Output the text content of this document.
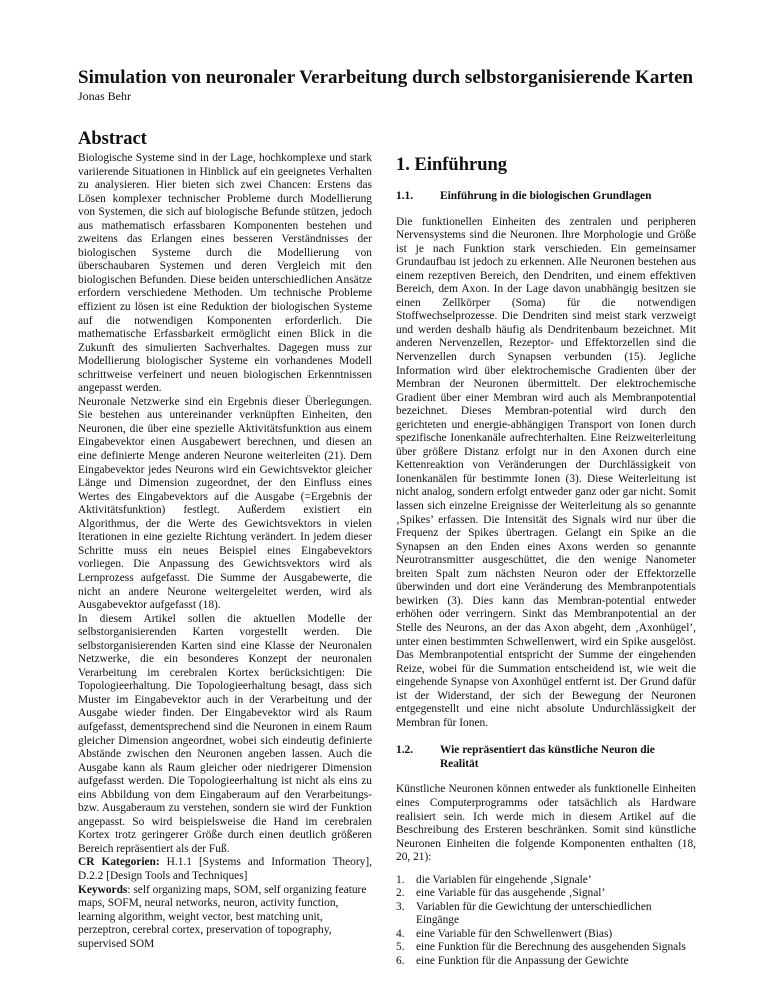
Simulation von neuronaler Verarbeitung durch selbstorganisierende Karten
Jonas Behr
Abstract

Biologische Systeme sind in der Lage, hochkomplexe und stark variierende Situationen in Hinblick auf ein geeignetes Verhalten zu analysieren. Hier bieten sich zwei Chancen: Erstens das Lösen komplexer technischer Probleme durch Modellierung von Systemen, die sich auf biologische Befunde stützen, jedoch aus mathematisch erfassbaren Komponenten bestehen und zweitens das Erlangen eines besseren Verständnisses der biologischen Systeme durch die Modellierung von überschaubaren Systemen und deren Vergleich mit den biologischen Befunden. Diese beiden unterschiedlichen Ansätze erfordern verschiedene Methoden. Um technische Probleme effizient zu lösen ist eine Reduktion der biologischen Systeme auf die notwendigen Komponenten erforderlich. Die mathematische Erfassbarkeit ermöglicht einen Blick in die Zukunft des simulierten Sachverhaltes. Dagegen muss zur Modellierung biologischer Systeme ein vorhandenes Modell schrittweise verfeinert und neuen biologischen Erkenntnissen angepasst werden.

Neuronale Netzwerke sind ein Ergebnis dieser Überlegungen. Sie bestehen aus untereinander verknüpften Einheiten, den Neuronen, die über eine spezielle Aktivitätsfunktion aus einem Eingabevektor einen Ausgabewert berechnen, und diesen an eine definierte Menge anderen Neurone weiterleiten (21). Dem Eingabevektor jedes Neurons wird ein Gewichtsvektor gleicher Länge und Dimension zugeordnet, der den Einfluss eines Wertes des Eingabevektors auf die Ausgabe (=Ergebnis der Aktivitätsfunktion) festlegt. Außerdem existiert ein Algorithmus, der die Werte des Gewichtsvektors in vielen Iterationen in eine gezielte Richtung verändert. In jedem dieser Schritte muss ein neues Beispiel eines Eingabevektors vorliegen. Die Anpassung des Gewichtsvektors wird als Lernprozess aufgefasst. Die Summe der Ausgabewerte, die nicht an andere Neurone weitergeleitet werden, wird als Ausgabevektor aufgefasst (18).

In diesem Artikel sollen die aktuellen Modelle der selbstorganisierenden Karten vorgestellt werden. Die selbstorganisierenden Karten sind eine Klasse der Neuronalen Netzwerke, die ein besonderes Konzept der neuronalen Verarbeitung im cerebralen Kortex berücksichtigen: Die Topologieerhaltung. Die Topologieerhaltung besagt, dass sich Muster im Eingabevektor auch in der Verarbeitung und der Ausgabe wieder finden. Der Eingabevektor wird als Raum aufgefasst, dementsprechend sind die Neuronen in einem Raum gleicher Dimension angeordnet, wobei sich eindeutig definierte Abstände zwischen den Neuronen angeben lassen. Auch die Ausgabe kann als Raum gleicher oder niedrigerer Dimension aufgefasst werden. Die Topologieerhaltung ist nicht als eins zu eins Abbildung von dem Eingaberaum auf den Verarbeitungs- bzw. Ausgaberaum zu verstehen, sondern sie wird der Funktion angepasst. So wird beispielsweise die Hand im cerebralen Kortex trotz geringerer Größe durch einen deutlich größeren Bereich repräsentiert als der Fuß.

CR Kategorien: H.1.1 [Systems and Information Theory], D.2.2 [Design Tools and Techniques]

Keywords: self organizing maps, SOM, self organizing feature maps, SOFM, neural networks, neuron, activity function, learning algorithm, weight vector, best matching unit, perzeptron, cerebral cortex, preservation of topography, supervised SOM

1. Einführung
1.1.	Einführung in die biologischen Grundlagen

Die funktionellen Einheiten des zentralen und peripheren Nervensystems sind die Neuronen. Ihre Morphologie und Größe ist je nach Funktion stark verschieden. Ein gemeinsamer Grundaufbau ist jedoch zu erkennen. Alle Neuronen bestehen aus einem rezeptiven Bereich, den Dendriten, und einem effektiven Bereich, dem Axon. In der Lage davon unabhängig besitzen sie einen Zellkörper (Soma) für die notwendigen Stoffwechselprozesse. Die Dendriten sind meist stark verzweigt und werden deshalb häufig als Dendritenbaum bezeichnet. Mit anderen Nervenzellen, Rezeptor- und Effektorzellen sind die Nervenzellen durch Synapsen verbunden (15). Jegliche Information wird über elektrochemische Gradienten über der Membran der Neuronen übermittelt. Der elektrochemische Gradient über einer Membran wird auch als Membranpotential bezeichnet. Dieses Membran-potential wird durch den gerichteten und energie-abhängigen Transport von Ionen durch spezifische Ionenkanäle aufrechterhalten. Eine Reizweiterleitung über größere Distanz erfolgt nur in den Axonen durch eine Kettenreaktion von Veränderungen der Durchlässigkeit von Ionenkanälen für bestimmte Ionen (3). Diese Weiterleitung ist nicht analog, sondern erfolgt entweder ganz oder gar nicht. Somit lassen sich einzelne Ereignisse der Weiterleitung als so genannte ‚Spikes’ erfassen. Die Intensität des Signals wird nur über die Frequenz der Spikes übertragen. Gelangt ein Spike an die Synapsen an den Enden eines Axons werden so genannte Neurotransmitter ausgeschüttet, die den wenige Nanometer breiten Spalt zum nächsten Neuron oder der Effektorzelle überwinden und dort eine Veränderung des Membranpotentials bewirken (3). Dies kann das Membran-potential entweder erhöhen oder verringern. Sinkt das Membranpotential an der Stelle des Neurons, an der das Axon abgeht, dem ‚Axonhügel’, unter einen bestimmten Schwellenwert, wird ein Spike ausgelöst. Das Membranpotential entspricht der Summe der eingehenden Reize, wobei für die Summation entscheidend ist, wie weit die eingehende Synapse von Axonhügel entfernt ist. Der Grund dafür ist der Widerstand, der sich der Bewegung der Neuronen entgegenstellt und eine nicht absolute Undurchlässigkeit der Membran für Ionen.

1.2.	Wie repräsentiert das künstliche Neuron die Realität

Künstliche Neuronen können entweder als funktionelle Einheiten eines Computerprogramms oder tatsächlich als Hardware realisiert sein. Ich werde mich in diesem Artikel auf die Beschreibung des Ersteren beschränken. Somit sind künstliche Neuronen Einheiten die folgende Komponenten enthalten (18, 20, 21):

1.	die Variablen für eingehende ‚Signale’
2.	eine Variable für das ausgehende ‚Signal’
3.	Variablen für die Gewichtung der unterschiedlichen Eingänge
4.	eine Variable für den Schwellenwert (Bias)
5.	eine Funktion für die Berechnung des ausgehenden Signals
6.	eine Funktion für die Anpassung der Gewichte
